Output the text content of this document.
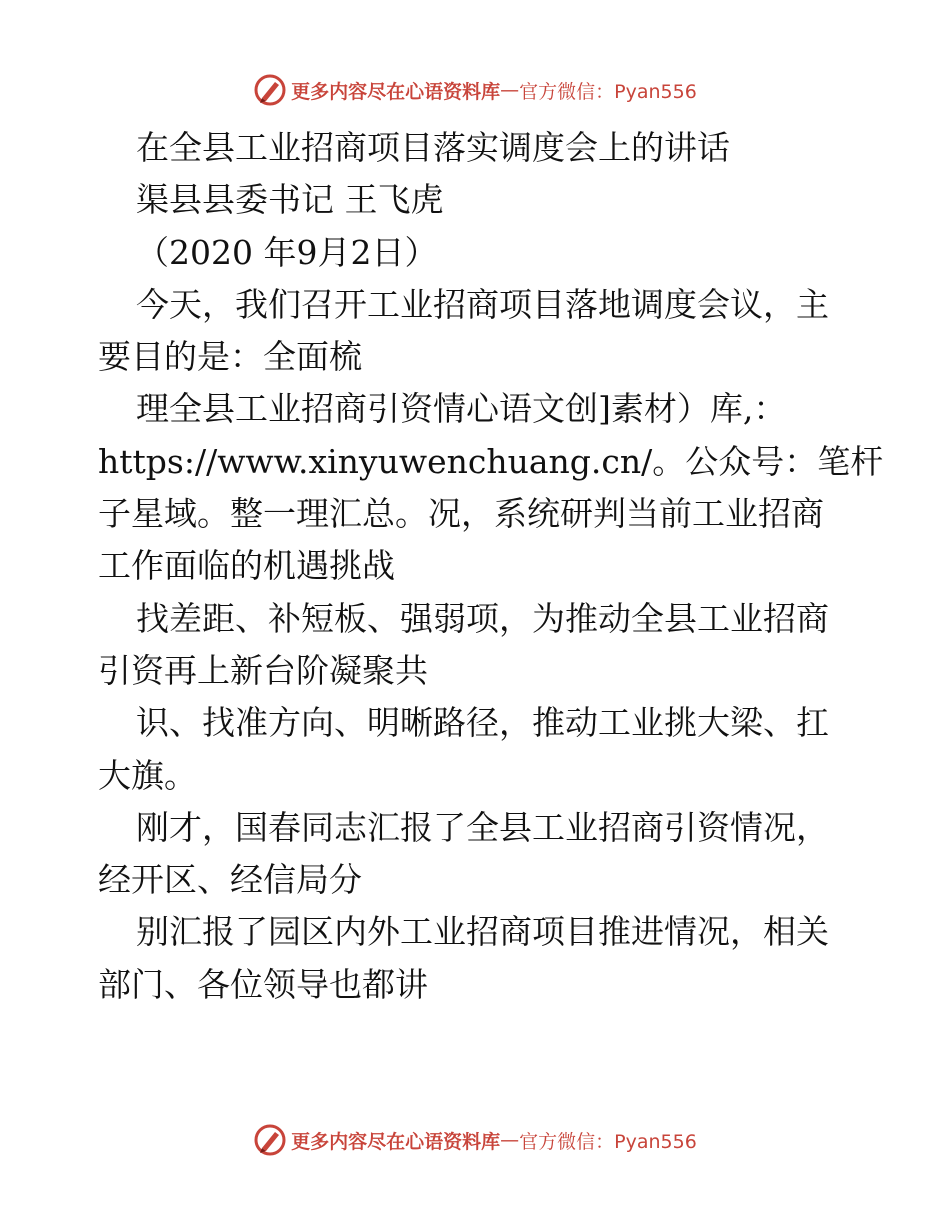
更多内容尽在心语资料库 — 官方微信：Pyan556
在全县工业招商项目落实调度会上的讲话
渠县县委书记 王飞虎
（2020 年9月2日）
今天，我们召开工业招商项目落地调度会议，主
要目的是：全面梳
理全县工业招商引资情心语文创]素材）库,：
https://www.xinyuwenchuang.cn/。公众号：笔杆
子星域。整一理汇总。况，系统研判当前工业招商
工作面临的机遇挑战
找差距、补短板、强弱项，为推动全县工业招商
引资再上新台阶凝聚共
识、找准方向、明晰路径，推动工业挑大梁、扛
大旗。
刚才，国春同志汇报了全县工业招商引资情况，
经开区、经信局分
别汇报了园区内外工业招商项目推进情况，相关
部门、各位领导也都讲
更多内容尽在心语资料库 — 官方微信：Pyan556
